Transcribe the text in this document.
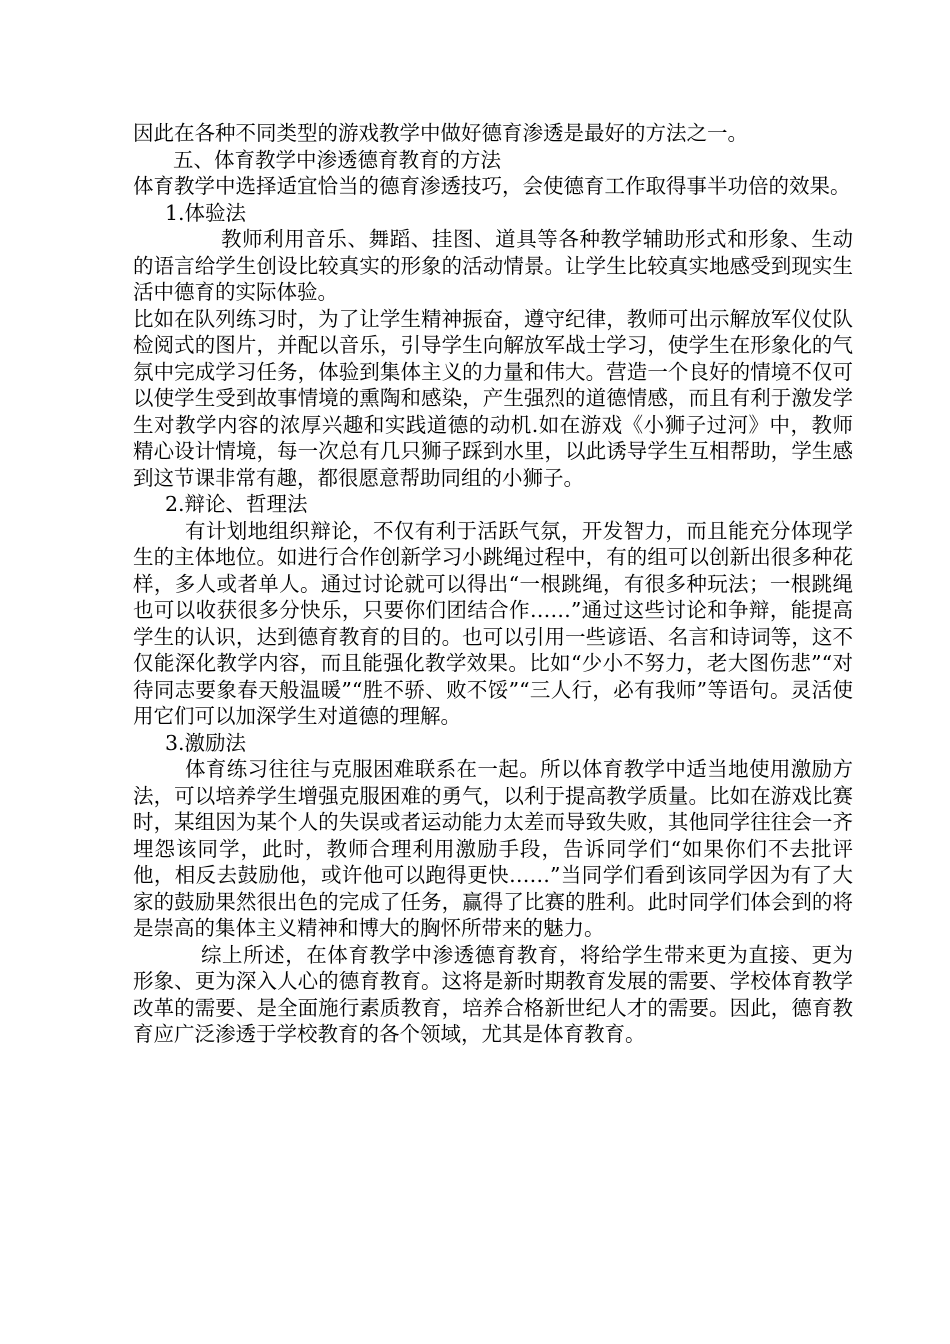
因此在各种不同类型的游戏教学中做好德育渗透是最好的方法之一。

五、体育教学中渗透德育教育的方法

体育教学中选择适宜恰当的德育渗透技巧，会使德育工作取得事半功倍的效果。

1.体验法

教师利用音乐、舞蹈、挂图、道具等各种教学辅助形式和形象、生动的语言给学生创设比较真实的形象的活动情景。让学生比较真实地感受到现实生活中德育的实际体验。

比如在队列练习时，为了让学生精神振奋，遵守纪律，教师可出示解放军仪仗队检阅式的图片，并配以音乐，引导学生向解放军战士学习，使学生在形象化的气氛中完成学习任务，体验到集体主义的力量和伟大。营造一个良好的情境不仅可以使学生受到故事情境的熏陶和感染，产生强烈的道德情感，而且有利于激发学生对教学内容的浓厚兴趣和实践道德的动机.如在游戏《小狮子过河》中，教师精心设计情境，每一次总有几只狮子踩到水里，以此诱导学生互相帮助，学生感到这节课非常有趣，都很愿意帮助同组的小狮子。

2.辩论、哲理法

有计划地组织辩论，不仅有利于活跃气氛，开发智力，而且能充分体现学生的主体地位。如进行合作创新学习小跳绳过程中，有的组可以创新出很多种花样，多人或者单人。通过讨论就可以得出“一根跳绳，有很多种玩法；一根跳绳也可以收获很多分快乐，只要你们团结合作……”通过这些讨论和争辩，能提高学生的认识，达到德育教育的目的。也可以引用一些谚语、名言和诗词等，这不仅能深化教学内容，而且能强化教学效果。比如“少小不努力，老大图伤悲”“对待同志要象春天般温暖”“胜不骄、败不馁”“三人行，必有我师”等语句。灵活使用它们可以加深学生对道德的理解。

3.激励法

体育练习往往与克服困难联系在一起。所以体育教学中适当地使用激励方法，可以培养学生增强克服困难的勇气，以利于提高教学质量。比如在游戏比赛时，某组因为某个人的失误或者运动能力太差而导致失败，其他同学往往会一齐埋怨该同学，此时，教师合理利用激励手段，告诉同学们“如果你们不去批评他，相反去鼓励他，或许他可以跑得更快……”当同学们看到该同学因为有了大家的鼓励果然很出色的完成了任务，赢得了比赛的胜利。此时同学们体会到的将是崇高的集体主义精神和博大的胸怀所带来的魅力。

综上所述，在体育教学中渗透德育教育，将给学生带来更为直接、更为形象、更为深入人心的德育教育。这将是新时期教育发展的需要、学校体育教学改革的需要、是全面施行素质教育，培养合格新世纪人才的需要。因此，德育教育应广泛渗透于学校教育的各个领域，尤其是体育教育。
